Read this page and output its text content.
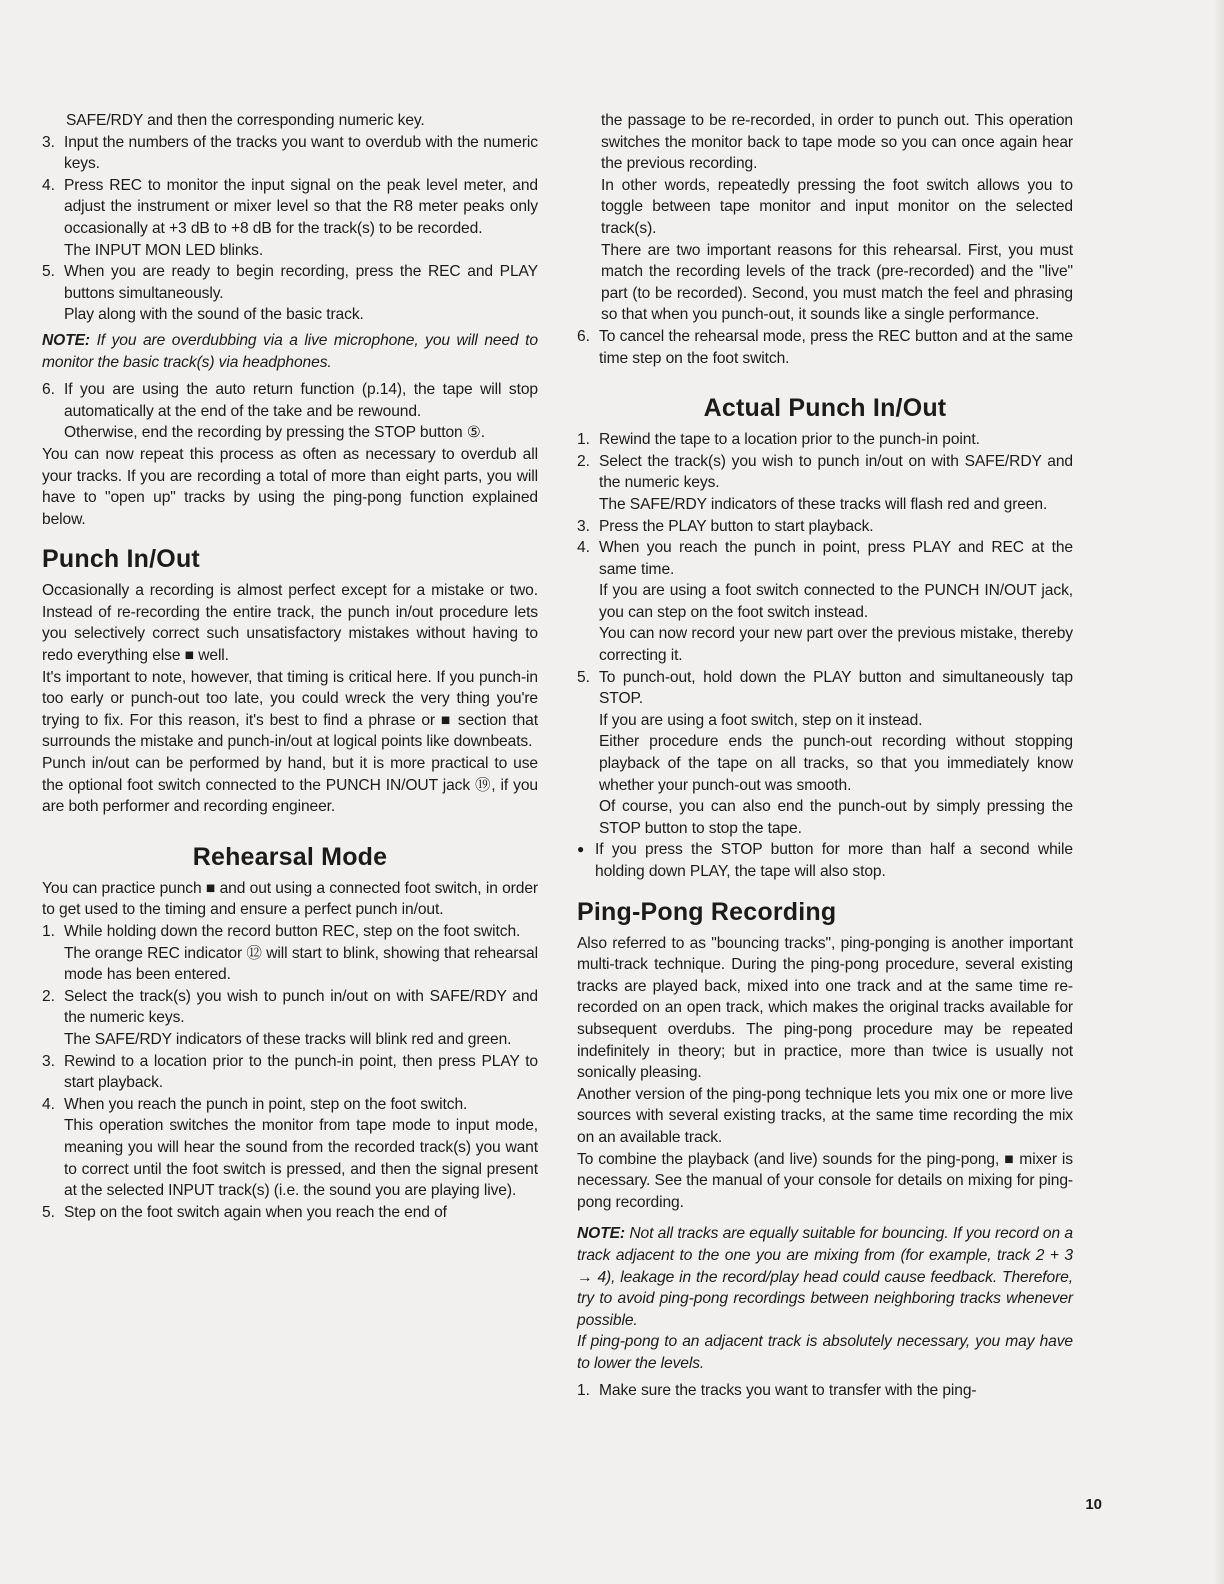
SAFE/RDY and then the corresponding numeric key.

3. Input the numbers of the tracks you want to overdub with the numeric keys.

4. Press REC to monitor the input signal on the peak level meter, and adjust the instrument or mixer level so that the R8 meter peaks only occasionally at +3 dB to +8 dB for the track(s) to be recorded.

The INPUT MON LED blinks.

5. When you are ready to begin recording, press the REC and PLAY buttons simultaneously.

Play along with the sound of the basic track.

NOTE: If you are overdubbing via a live microphone, you will need to monitor the basic track(s) via headphones.

6. If you are using the auto return function (p.14), the tape will stop automatically at the end of the take and be rewound.

Otherwise, end the recording by pressing the STOP button ⑤.

You can now repeat this process as often as necessary to overdub all your tracks. If you are recording a total of more than eight parts, you will have to "open up" tracks by using the ping-pong function explained below.

Punch In/Out

Occasionally a recording is almost perfect except for a mistake or two. Instead of re-recording the entire track, the punch in/out procedure lets you selectively correct such unsatisfactory mistakes without having to redo everything else ■ well.

It's important to note, however, that timing is critical here. If you punch-in too early or punch-out too late, you could wreck the very thing you're trying to fix. For this reason, it's best to find a phrase or ■ section that surrounds the mistake and punch-in/out at logical points like downbeats.

Punch in/out can be performed by hand, but it is more practical to use the optional foot switch connected to the PUNCH IN/OUT jack ⑲, if you are both performer and recording engineer.

Rehearsal Mode

You can practice punch ■ and out using a connected foot switch, in order to get used to the timing and ensure a perfect punch in/out.

1. While holding down the record button REC, step on the foot switch.

The orange REC indicator ⑫ will start to blink, showing that rehearsal mode has been entered.

2. Select the track(s) you wish to punch in/out on with SAFE/RDY and the numeric keys.

The SAFE/RDY indicators of these tracks will blink red and green.

3. Rewind to a location prior to the punch-in point, then press PLAY to start playback.

4. When you reach the punch in point, step on the foot switch.

This operation switches the monitor from tape mode to input mode, meaning you will hear the sound from the recorded track(s) you want to correct until the foot switch is pressed, and then the signal present at the selected INPUT track(s) (i.e. the sound you are playing live).

5. Step on the foot switch again when you reach the end of

the passage to be re-recorded, in order to punch out. This operation switches the monitor back to tape mode so you can once again hear the previous recording.

In other words, repeatedly pressing the foot switch allows you to toggle between tape monitor and input monitor on the selected track(s).

There are two important reasons for this rehearsal. First, you must match the recording levels of the track (pre-recorded) and the "live" part (to be recorded). Second, you must match the feel and phrasing so that when you punch-out, it sounds like a single performance.

6. To cancel the rehearsal mode, press the REC button and at the same time step on the foot switch.

Actual Punch In/Out
1. Rewind the tape to a location prior to the punch-in point.

2. Select the track(s) you wish to punch in/out on with SAFE/RDY and the numeric keys.

The SAFE/RDY indicators of these tracks will flash red and green.

3. Press the PLAY button to start playback.

4. When you reach the punch in point, press PLAY and REC at the same time.

If you are using a foot switch connected to the PUNCH IN/OUT jack, you can step on the foot switch instead.

You can now record your new part over the previous mistake, thereby correcting it.

5. To punch-out, hold down the PLAY button and simultaneously tap STOP.

If you are using a foot switch, step on it instead.

Either procedure ends the punch-out recording without stopping playback of the tape on all tracks, so that you immediately know whether your punch-out was smooth.

Of course, you can also end the punch-out by simply pressing the STOP button to stop the tape.

● If you press the STOP button for more than half a second while holding down PLAY, the tape will also stop.
Ping-Pong Recording

Also referred to as "bouncing tracks", ping-ponging is another important multi-track technique. During the ping-pong procedure, several existing tracks are played back, mixed into one track and at the same time re-recorded on an open track, which makes the original tracks available for subsequent overdubs. The ping-pong procedure may be repeated indefinitely in theory; but in practice, more than twice is usually not sonically pleasing.

Another version of the ping-pong technique lets you mix one or more live sources with several existing tracks, at the same time recording the mix on an available track.

To combine the playback (and live) sounds for the ping-pong, ■ mixer is necessary. See the manual of your console for details on mixing for ping-pong recording.

NOTE: Not all tracks are equally suitable for bouncing. If you record on a track adjacent to the one you are mixing from (for example, track 2 + 3 → 4), leakage in the record/play head could cause feedback. Therefore, try to avoid ping-pong recordings between neighboring tracks whenever possible.

If ping-pong to an adjacent track is absolutely necessary, you may have to lower the levels.

1. Make sure the tracks you want to transfer with the ping-

10
